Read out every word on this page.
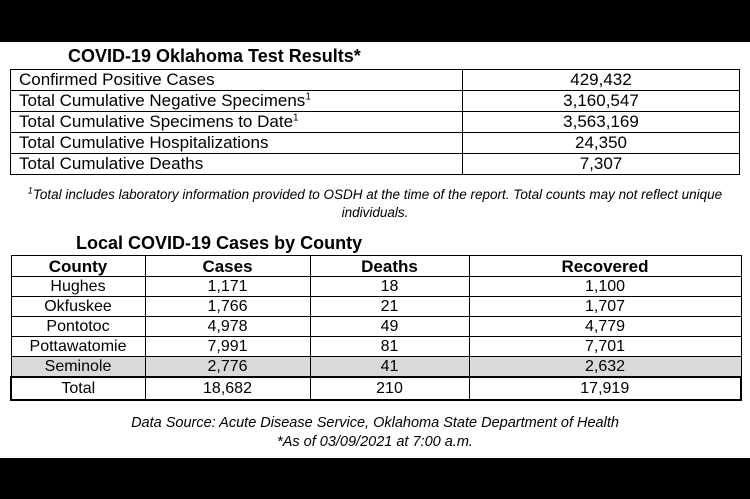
COVID-19 Oklahoma Test Results*
Confirmed Positive Cases	429,432
Total Cumulative Negative Specimens$^1$	3,160,547
Total Cumulative Specimens to Date$^1$	3,563,169
Total Cumulative Hospitalizations	24,350
Total Cumulative Deaths	7,307
$^1$Total includes laboratory information provided to OSDH at the time of the report. Total counts may not reflect unique individuals.
Local COVID-19 Cases by County
County	Cases	Deaths	Recovered
Hughes	1,171	18	1,100
Okfuskee	1,766	21	1,707
Pontotoc	4,978	49	4,779
Pottawatomie	7,991	81	7,701
Seminole	2,776	41	2,632
Total	18,682	210	17,919
Data Source: Acute Disease Service, Oklahoma State Department of Health
*As of 03/09/2021 at 7:00 a.m.
